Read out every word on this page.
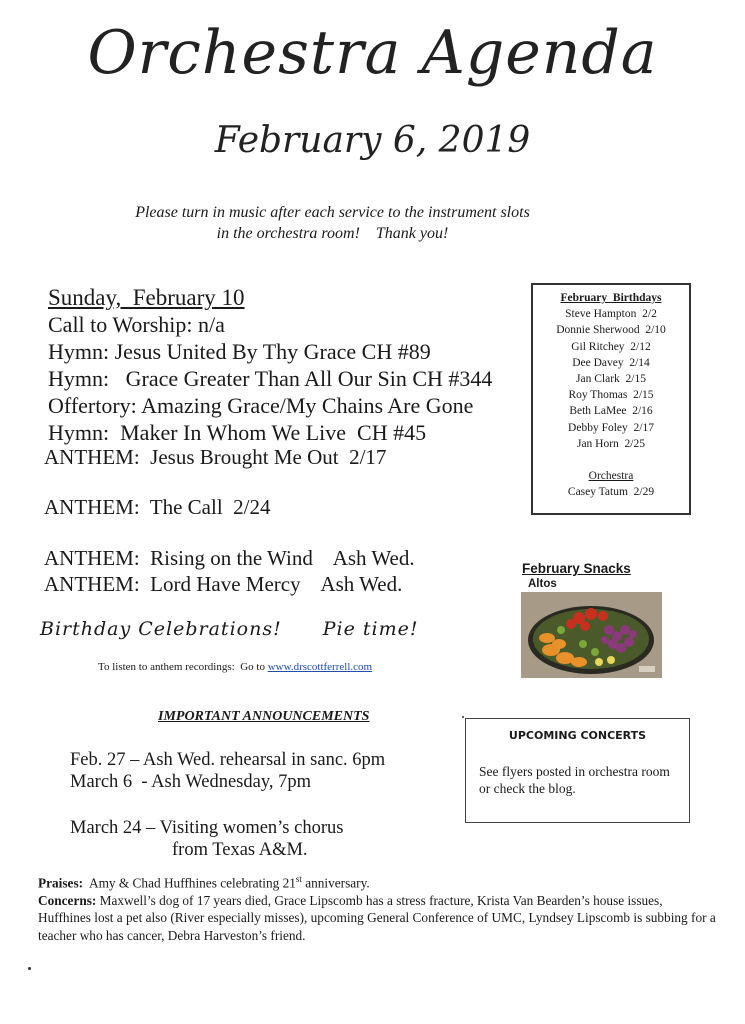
Orchestra Agenda
February 6, 2019
Please turn in music after each service to the instrument slots
in the orchestra room!    Thank you!
Sunday,  February 10
Call to Worship: n/a
Hymn: Jesus United By Thy Grace CH #89
Hymn:   Grace Greater Than All Our Sin CH #344
Offertory: Amazing Grace/My Chains Are Gone
Hymn:  Maker In Whom We Live  CH #45
ANTHEM:  Jesus Brought Me Out  2/17
ANTHEM:  The Call  2/24
ANTHEM:  Rising on the Wind    Ash Wed.
ANTHEM:  Lord Have Mercy    Ash Wed.
Birthday Celebrations! Pie time!
To listen to anthem recordings:  Go to www.drscottferrell.com
IMPORTANT ANNOUNCEMENTS
Feb. 27 – Ash Wed. rehearsal in sanc. 6pm
March 6  - Ash Wednesday, 7pm
March 24 – Visiting women’s chorus
from Texas A&M.
Praises:  Amy & Chad Huffhines celebrating 21st anniversary.
Concerns: Maxwell’s dog of 17 years died, Grace Lipscomb has a stress fracture, Krista Van Bearden’s house issues, Huffhines lost a pet also (River especially misses), upcoming General Conference of UMC, Lyndsey Lipscomb is subbing for a teacher who has cancer, Debra Harveston’s friend.
February  Birthdays
Steve Hampton  2/2
Donnie Sherwood  2/10
Gil Ritchey  2/12
Dee Davey  2/14
Jan Clark  2/15
Roy Thomas  2/15
Beth LaMee  2/16
Debby Foley  2/17
Jan Horn  2/25
Orchestra
Casey Tatum  2/29
February Snacks
Altos
UPCOMING CONCERTS
See flyers posted in orchestra room or check the blog.
